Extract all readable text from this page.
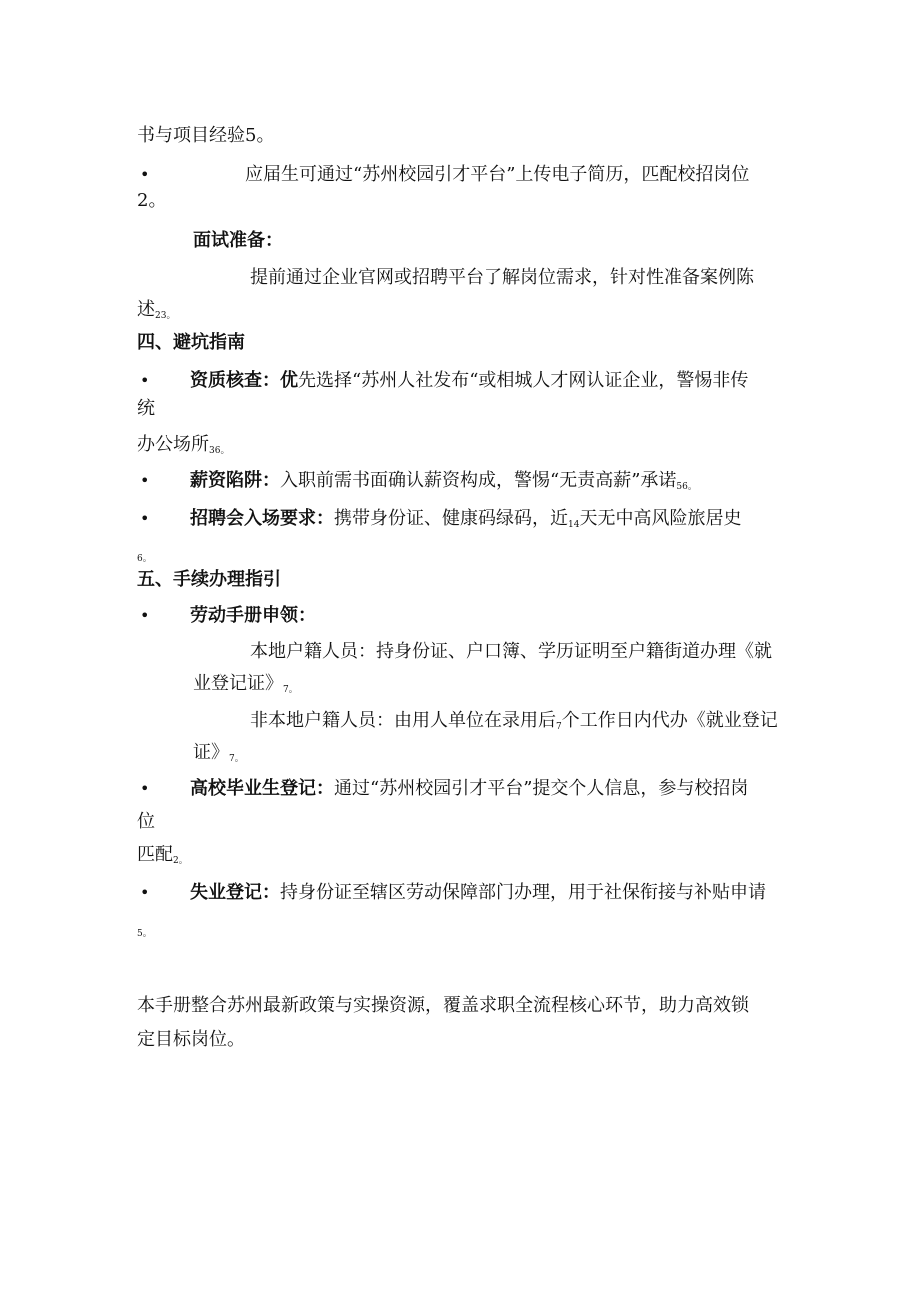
书与项目经验5。
•	应届生可通过“苏州校园引才平台”上传电子简历，匹配校招岗位
2。
面试准备：
提前通过企业官网或招聘平台了解岗位需求，针对性准备案例陈
述$_{23。}$
四、避坑指南
• 资质核查：优先选择“苏州人社发布“或相城人才网认证企业，警惕非传
统
办公场所$_{36。}$
• 薪资陷阱：入职前需书面确认薪资构成，警惕“无责高薪”承诺$_{56。}$
• 招聘会入场要求：携带身份证、健康码绿码，近$_{14}$天无中高风险旅居史
$_{6。}$
五、手续办理指引
• 劳动手册申领：
本地户籍人员：持身份证、户口簿、学历证明至户籍街道办理《就
业登记证》$_{7。}$
非本地户籍人员：由用人单位在录用后$_7$个工作日内代办《就业登记
证》$_{7。}$
• 高校毕业生登记：通过“苏州校园引才平台”提交个人信息，参与校招岗
位
匹配$_{2。}$
• 失业登记：持身份证至辖区劳动保障部门办理，用于社保衔接与补贴申请
$_{5。}$
本手册整合苏州最新政策与实操资源，覆盖求职全流程核心环节，助力高效锁
定目标岗位。
